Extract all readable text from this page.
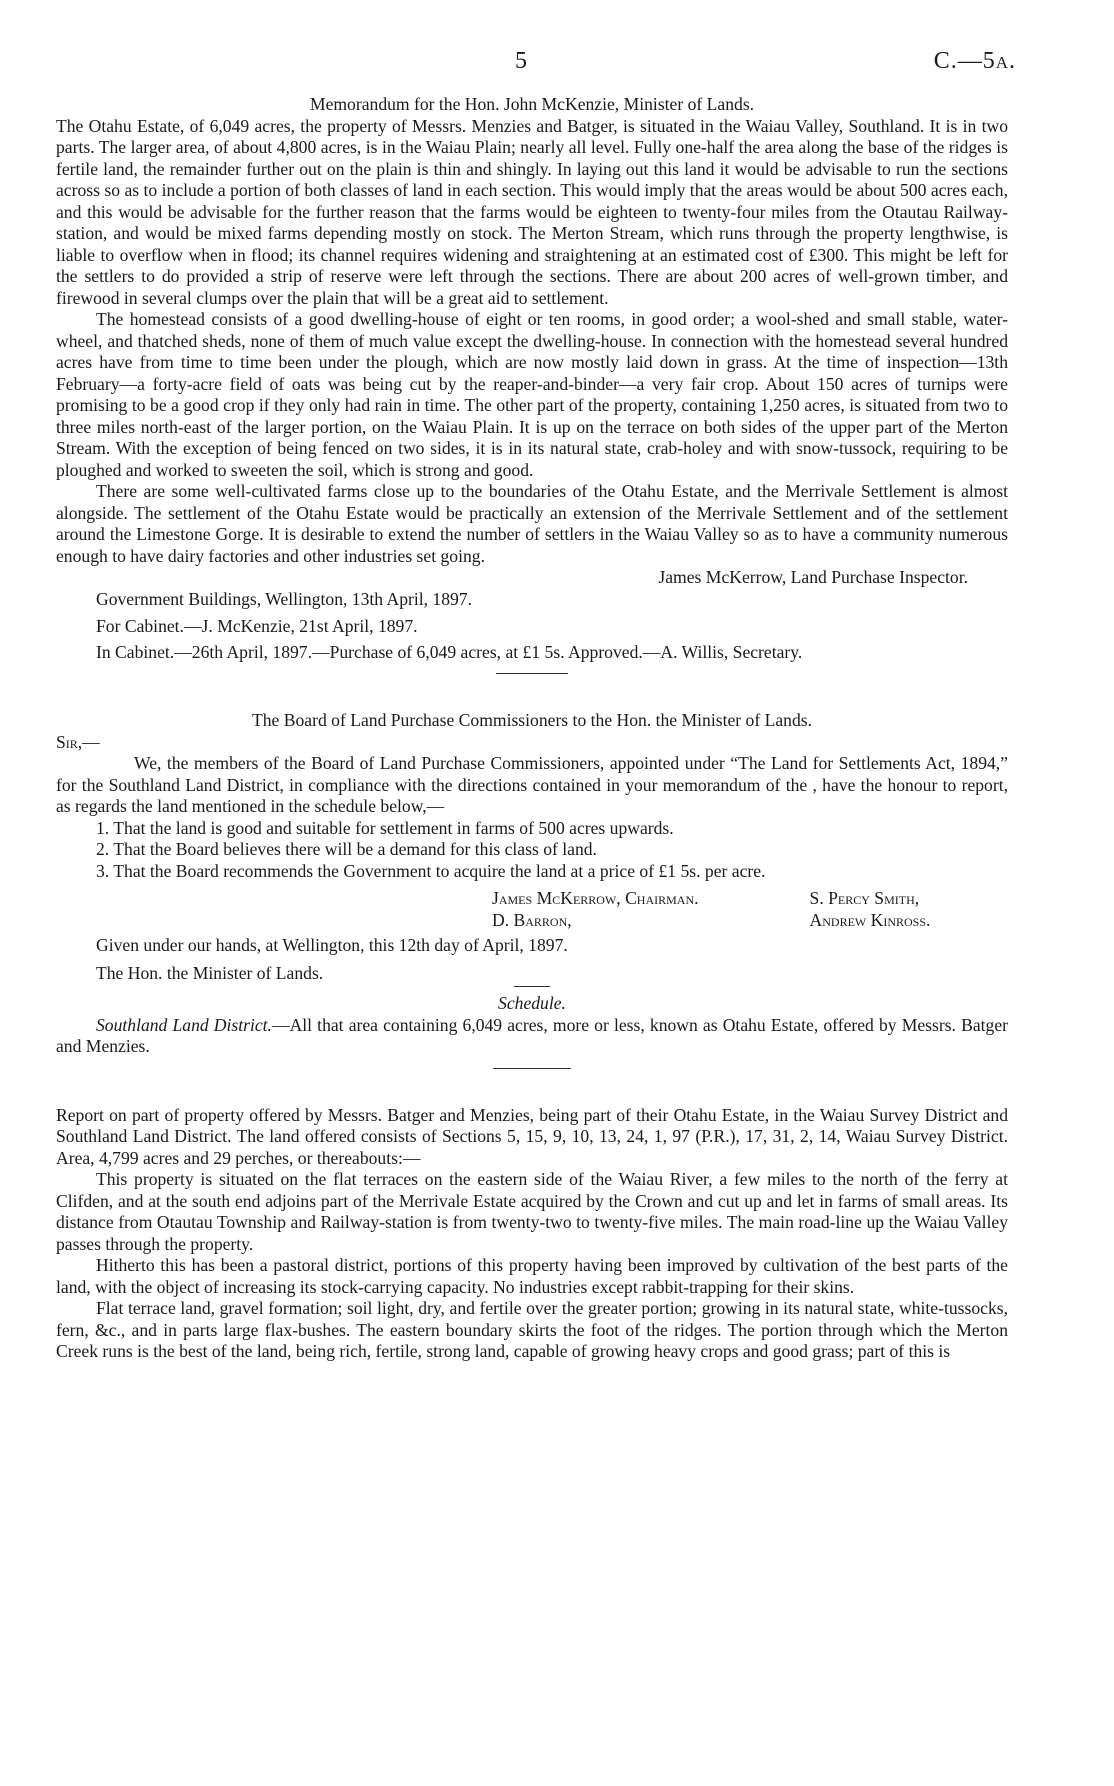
5	C.—5a.

Memorandum for the Hon. John McKenzie, Minister of Lands.

The Otahu Estate, of 6,049 acres, the property of Messrs. Menzies and Batger, is situated in the Waiau Valley, Southland. It is in two parts. The larger area, of about 4,800 acres, is in the Waiau Plain; nearly all level. Fully one-half the area along the base of the ridges is fertile land, the remainder further out on the plain is thin and shingly. In laying out this land it would be advisable to run the sections across so as to include a portion of both classes of land in each section. This would imply that the areas would be about 500 acres each, and this would be advisable for the further reason that the farms would be eighteen to twenty-four miles from the Otautau Railway-station, and would be mixed farms depending mostly on stock. The Merton Stream, which runs through the property lengthwise, is liable to overflow when in flood; its channel requires widening and straightening at an estimated cost of £300. This might be left for the settlers to do provided a strip of reserve were left through the sections. There are about 200 acres of well-grown timber, and firewood in several clumps over the plain that will be a great aid to settlement.

The homestead consists of a good dwelling-house of eight or ten rooms, in good order; a wool-shed and small stable, water-wheel, and thatched sheds, none of them of much value except the dwelling-house. In connection with the homestead several hundred acres have from time to time been under the plough, which are now mostly laid down in grass. At the time of inspection—13th February—a forty-acre field of oats was being cut by the reaper-and-binder—a very fair crop. About 150 acres of turnips were promising to be a good crop if they only had rain in time. The other part of the property, containing 1,250 acres, is situated from two to three miles north-east of the larger portion, on the Waiau Plain. It is up on the terrace on both sides of the upper part of the Merton Stream. With the exception of being fenced on two sides, it is in its natural state, crab-holey and with snow-tussock, requiring to be ploughed and worked to sweeten the soil, which is strong and good.

There are some well-cultivated farms close up to the boundaries of the Otahu Estate, and the Merrivale Settlement is almost alongside. The settlement of the Otahu Estate would be practically an extension of the Merrivale Settlement and of the settlement around the Limestone Gorge. It is desirable to extend the number of settlers in the Waiau Valley so as to have a community numerous enough to have dairy factories and other industries set going.

James McKerrow, Land Purchase Inspector.

Government Buildings, Wellington, 13th April, 1897.

For Cabinet.—J. McKenzie, 21st April, 1897.

In Cabinet.—26th April, 1897.—Purchase of 6,049 acres, at £1 5s. Approved.—A. Willis, Secretary.

The Board of Land Purchase Commissioners to the Hon. the Minister of Lands.

Sir,—

We, the members of the Board of Land Purchase Commissioners, appointed under “The Land for Settlements Act, 1894,” for the Southland Land District, in compliance with the directions contained in your memorandum of the , have the honour to report, as regards the land mentioned in the schedule below,—

1. That the land is good and suitable for settlement in farms of 500 acres upwards.

2. That the Board believes there will be a demand for this class of land.

3. That the Board recommends the Government to acquire the land at a price of £1 5s. per acre.

James McKerrow, Chairman.

D. Barron,

S. Percy Smith,

Andrew Kinross.

Given under our hands, at Wellington, this 12th day of April, 1897.

The Hon. the Minister of Lands.

Schedule.

Southland Land District.—All that area containing 6,049 acres, more or less, known as Otahu Estate, offered by Messrs. Batger and Menzies.

Report on part of property offered by Messrs. Batger and Menzies, being part of their Otahu Estate, in the Waiau Survey District and Southland Land District. The land offered consists of Sections 5, 15, 9, 10, 13, 24, 1, 97 (P.R.), 17, 31, 2, 14, Waiau Survey District. Area, 4,799 acres and 29 perches, or thereabouts:—

This property is situated on the flat terraces on the eastern side of the Waiau River, a few miles to the north of the ferry at Clifden, and at the south end adjoins part of the Merrivale Estate acquired by the Crown and cut up and let in farms of small areas. Its distance from Otautau Township and Railway-station is from twenty-two to twenty-five miles. The main road-line up the Waiau Valley passes through the property.

Hitherto this has been a pastoral district, portions of this property having been improved by cultivation of the best parts of the land, with the object of increasing its stock-carrying capacity. No industries except rabbit-trapping for their skins.

Flat terrace land, gravel formation; soil light, dry, and fertile over the greater portion; growing in its natural state, white-tussocks, fern, &c., and in parts large flax-bushes. The eastern boundary skirts the foot of the ridges. The portion through which the Merton Creek runs is the best of the land, being rich, fertile, strong land, capable of growing heavy crops and good grass; part of this is
